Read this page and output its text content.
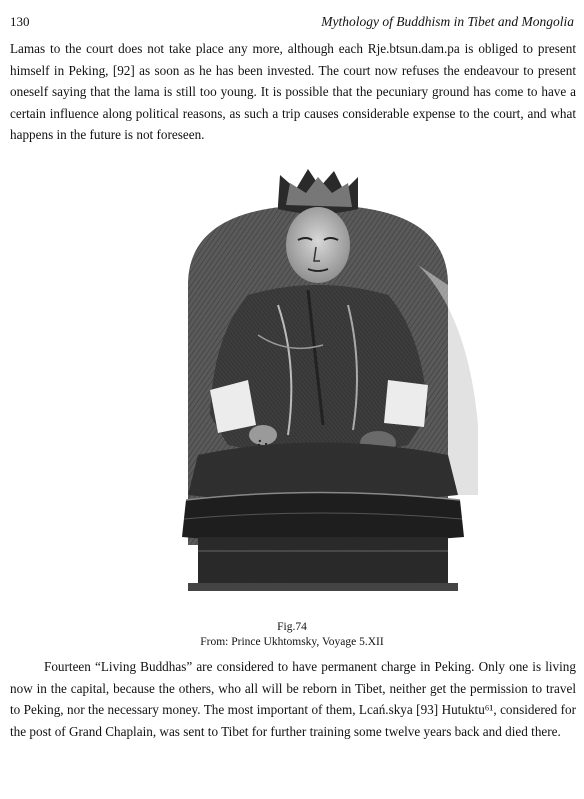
130	Mythology of Buddhism in Tibet and Mongolia

Lamas to the court does not take place any more, although each Rje.btsun.dam.pa is obliged to present himself in Peking, [92] as soon as he has been invested. The court now refuses the endeavour to present oneself saying that the lama is still too young. It is possible that the pecuniary ground has come to have a certain influence along political reasons, as such a trip causes considerable expense to the court, and what happens in the future is not foreseen.

Fig.74
From: Prince Ukhtomsky, Voyage 5.XII

Fourteen “Living Buddhas” are considered to have permanent charge in Peking. Only one is living now in the capital, because the others, who all will be reborn in Tibet, neither get the permission to travel to Peking, nor the necessary money. The most important of them, Lcań.skya [93] Hutuktu⁶¹, considered for the post of Grand Chaplain, was sent to Tibet for further training some twelve years back and died there.
